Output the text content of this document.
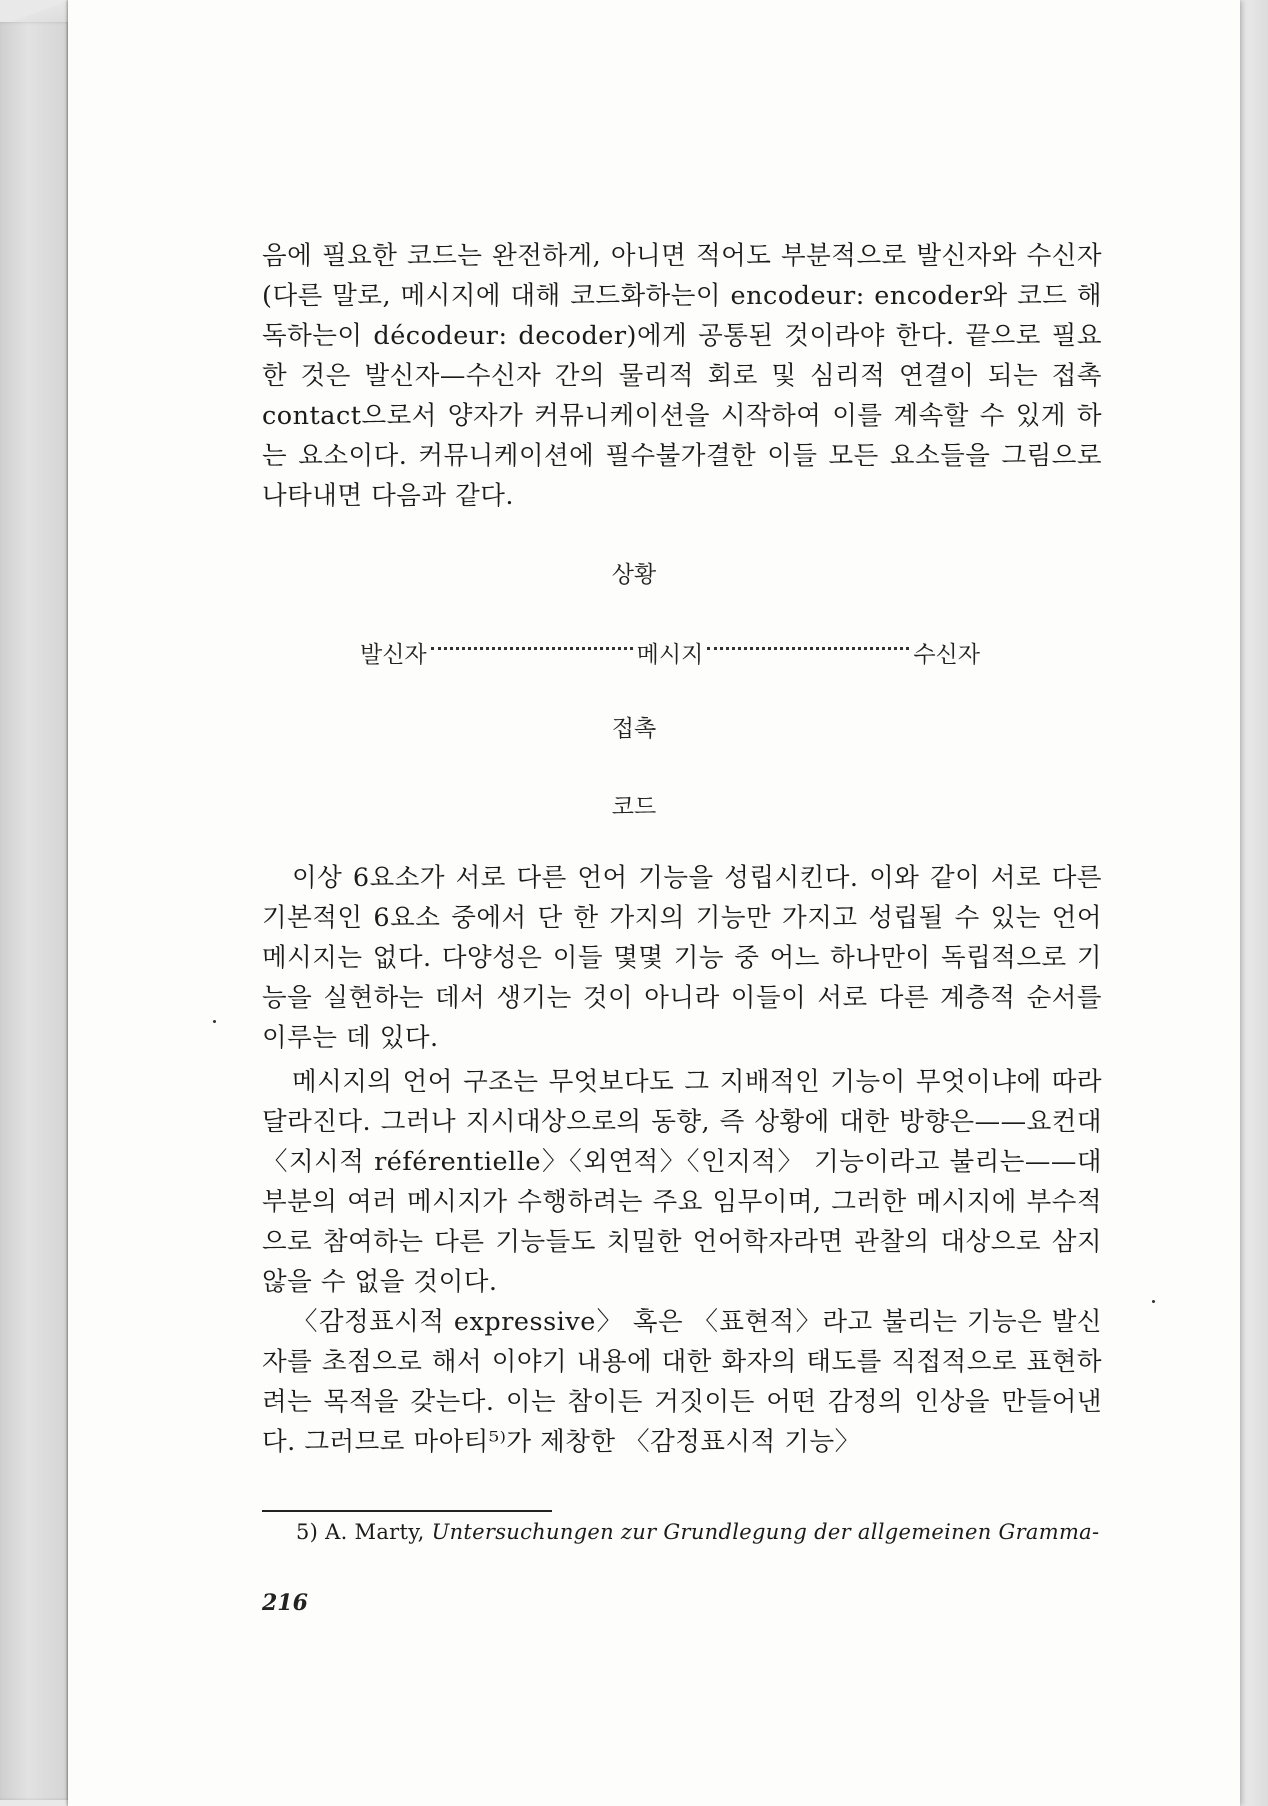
음에 필요한 코드는 완전하게, 아니면 적어도 부분적으로 발신자와 수신자(다른 말로, 메시지에 대해 코드화하는이 encodeur: encoder와 코드 해독하는이 décodeur: decoder)에게 공통된 것이라야 한다. 끝으로 필요한 것은 발신자—수신자 간의 물리적 회로 및 심리적 연결이 되는 접촉 contact으로서 양자가 커뮤니케이션을 시작하여 이를 계속할 수 있게 하는 요소이다. 커뮤니케이션에 필수불가결한 이들 모든 요소들을 그림으로 나타내면 다음과 같다.

상황
발신자	메시지	수신자
접촉
코드

이상 6요소가 서로 다른 언어 기능을 성립시킨다. 이와 같이 서로 다른 기본적인 6요소 중에서 단 한 가지의 기능만 가지고 성립될 수 있는 언어 메시지는 없다. 다양성은 이들 몇몇 기능 중 어느 하나만이 독립적으로 기능을 실현하는 데서 생기는 것이 아니라 이들이 서로 다른 계층적 순서를 이루는 데 있다.

메시지의 언어 구조는 무엇보다도 그 지배적인 기능이 무엇이냐에 따라 달라진다. 그러나 지시대상으로의 동향, 즉 상황에 대한 방향은——요컨대 〈지시적 référentielle〉〈외연적〉〈인지적〉 기능이라고 불리는——대부분의 여러 메시지가 수행하려는 주요 임무이며, 그러한 메시지에 부수적으로 참여하는 다른 기능들도 치밀한 언어학자라면 관찰의 대상으로 삼지 않을 수 없을 것이다.

〈감정표시적 expressive〉 혹은 〈표현적〉라고 불리는 기능은 발신자를 초점으로 해서 이야기 내용에 대한 화자의 태도를 직접적으로 표현하려는 목적을 갖는다. 이는 참이든 거짓이든 어떤 감정의 인상을 만들어낸다. 그러므로 마아티⁵⁾가 제창한 〈감정표시적 기능〉

5) A. Marty, Untersuchungen zur Grundlegung der allgemeinen Gramma-
216
